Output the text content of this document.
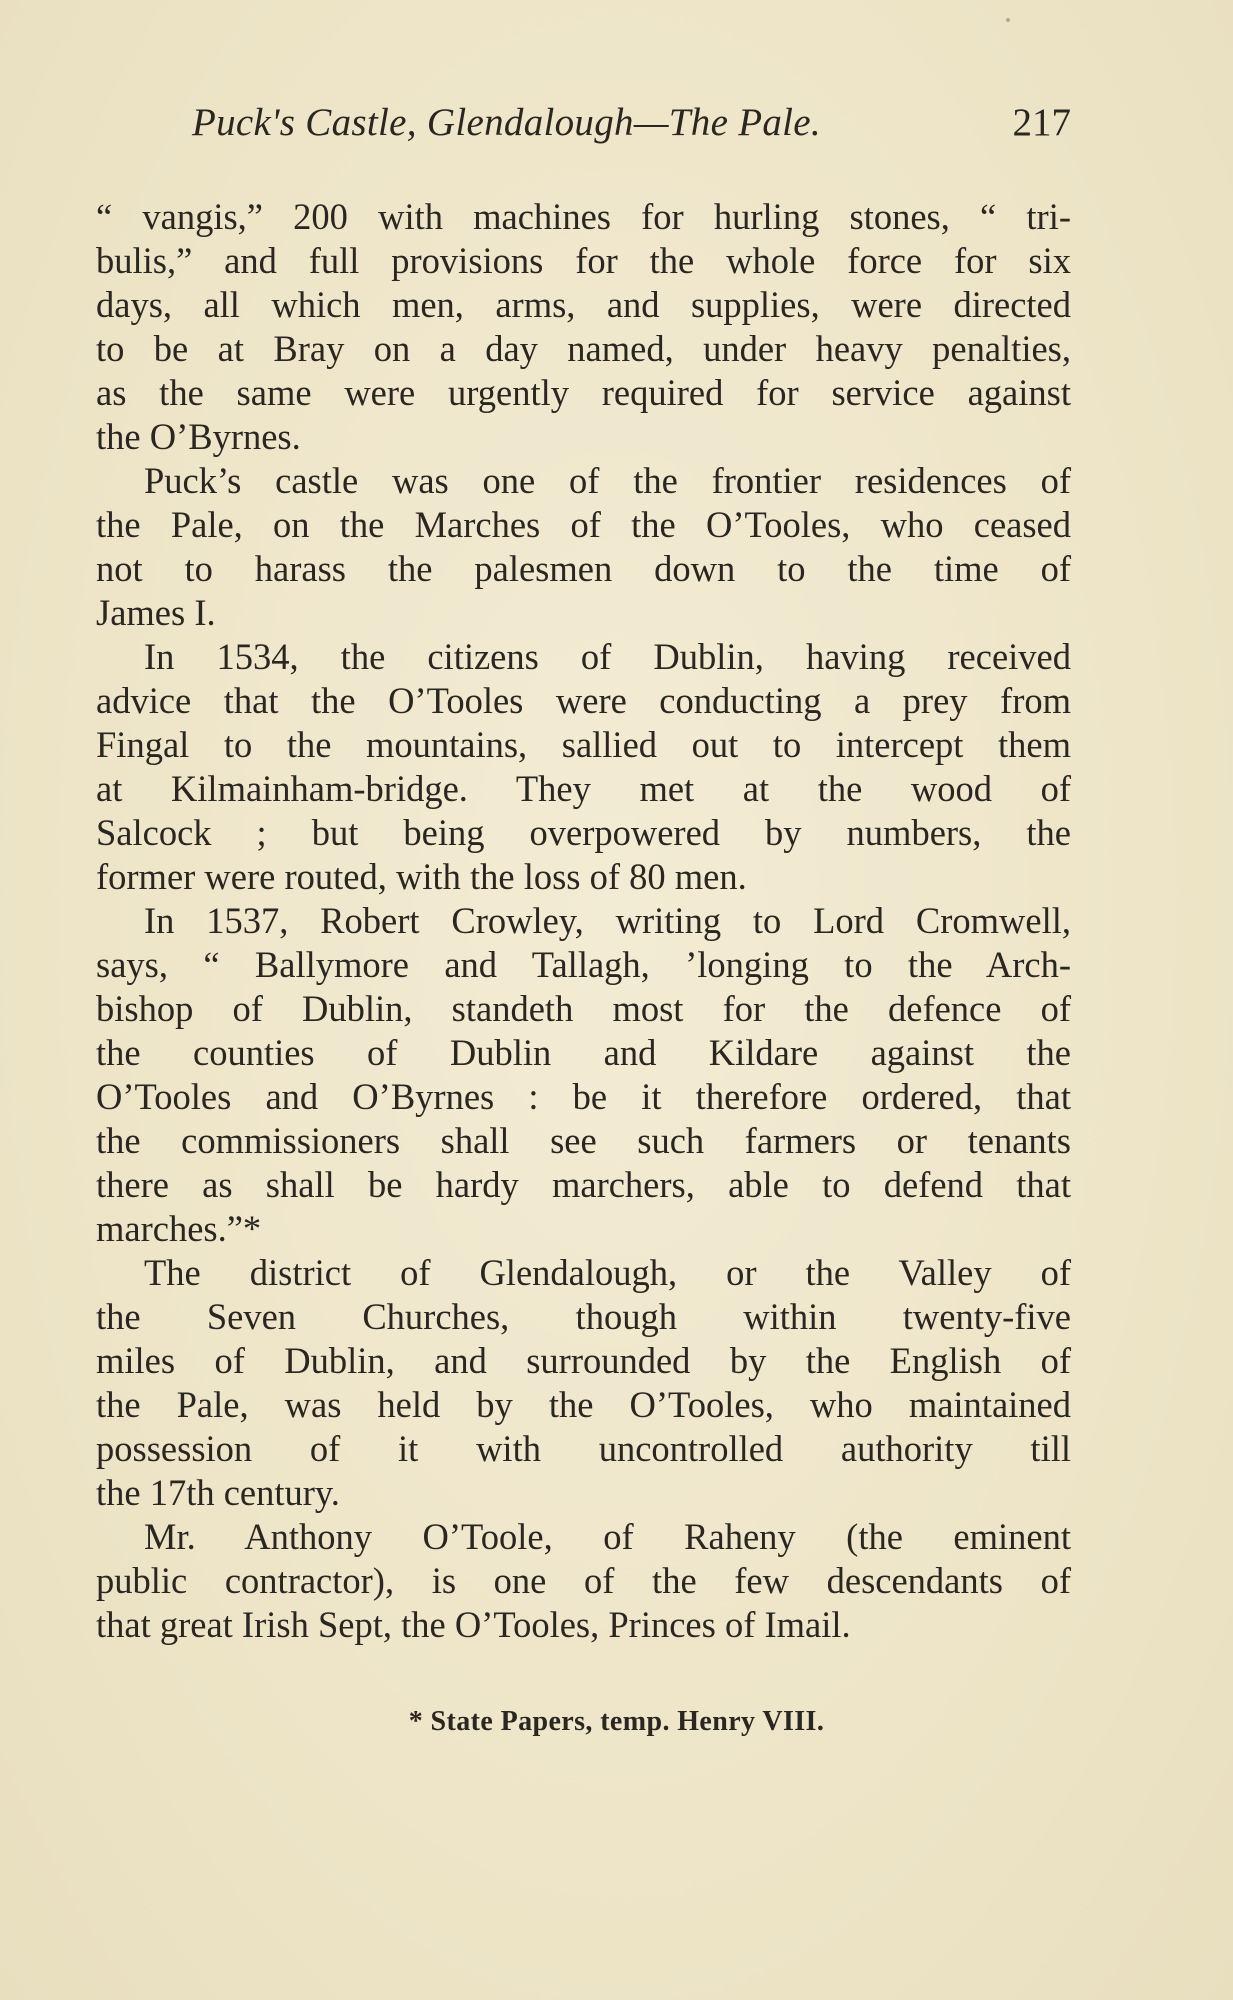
Puck's Castle, Glendalough—The Pale.	217
“ vangis,” 200 with machines for hurling stones, “ tri-
bulis,” and full provisions for the whole force for six
days, all which men, arms, and supplies, were directed
to be at Bray on a day named, under heavy penalties,
as the same were urgently required for service against
the O’Byrnes.
Puck’s castle was one of the frontier residences of
the Pale, on the Marches of the O’Tooles, who ceased
not to harass the palesmen down to the time of
James I.
In 1534, the citizens of Dublin, having received
advice that the O’Tooles were conducting a prey from
Fingal to the mountains, sallied out to intercept them
at Kilmainham-bridge. They met at the wood of
Salcock ; but being overpowered by numbers, the
former were routed, with the loss of 80 men.
In 1537, Robert Crowley, writing to Lord Cromwell,
says, “ Ballymore and Tallagh, ’longing to the Arch-
bishop of Dublin, standeth most for the defence of
the counties of Dublin and Kildare against the
O’Tooles and O’Byrnes : be it therefore ordered, that
the commissioners shall see such farmers or tenants
there as shall be hardy marchers, able to defend that
marches.”*
The district of Glendalough, or the Valley of
the Seven Churches, though within twenty-five
miles of Dublin, and surrounded by the English of
the Pale, was held by the O’Tooles, who maintained
possession of it with uncontrolled authority till
the 17th century.
Mr. Anthony O’Toole, of Raheny (the eminent
public contractor), is one of the few descendants of
that great Irish Sept, the O’Tooles, Princes of Imail.
* State Papers, temp. Henry VIII.
